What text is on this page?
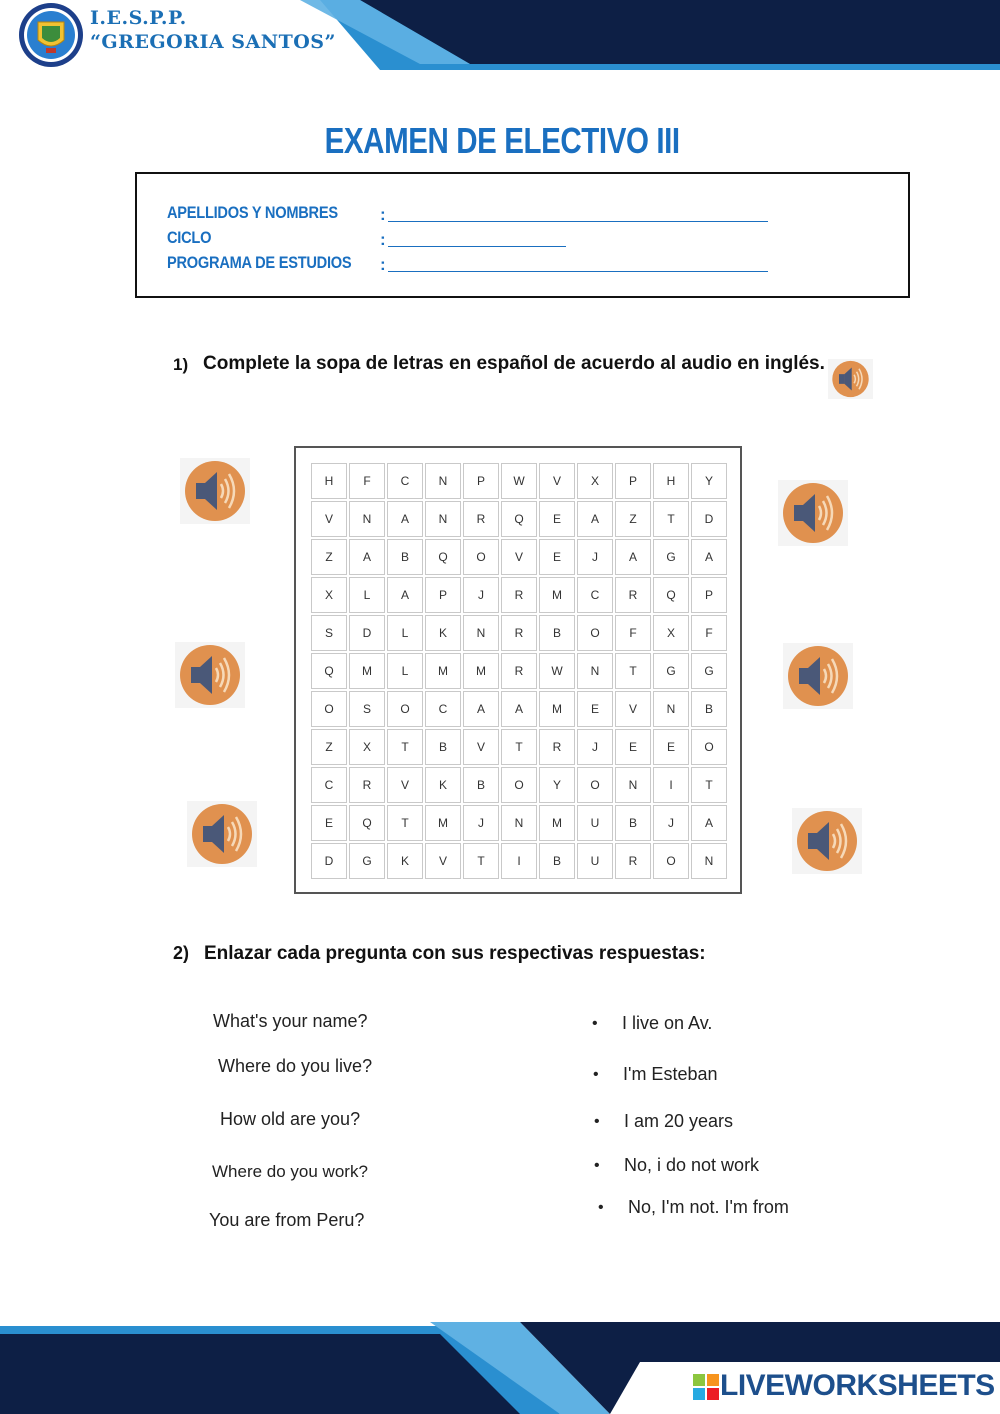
I.E.S.P.P.
“GREGORIA SANTOS”
EXAMEN DE ELECTIVO III
APELLIDOS Y NOMBRES :
CICLO	:
PROGRAMA DE ESTUDIOS :
1) Complete la sopa de letras en español de acuerdo al audio en inglés.
H	F	C	N	P	W	V	X	P	H	Y
V	N	A	N	R	Q	E	A	Z	T	D
Z	A	B	Q	O	V	E	J	A	G	A
X	L	A	P	J	R	M	C	R	Q	P
S	D	L	K	N	R	B	O	F	X	F
Q	M	L	M	M	R	W	N	T	G	G
O	S	O	C	A	A	M	E	V	N	B
Z	X	T	B	V	T	R	J	E	E	O
C	R	V	K	B	O	Y	O	N	I	T
E	Q	T	M	J	N	M	U	B	J	A
D	G	K	V	T	I	B	U	R	O	N
2) Enlazar cada pregunta con sus respectivas respuestas:
What's your name?
Where do you live?
How old are you?
Where do you work?
You are from Peru?
• I live on Av.
• I'm Esteban
• I am 20 years
• No, i do not work
• No, I'm not. I'm from
LIVEWORKSHEETS
